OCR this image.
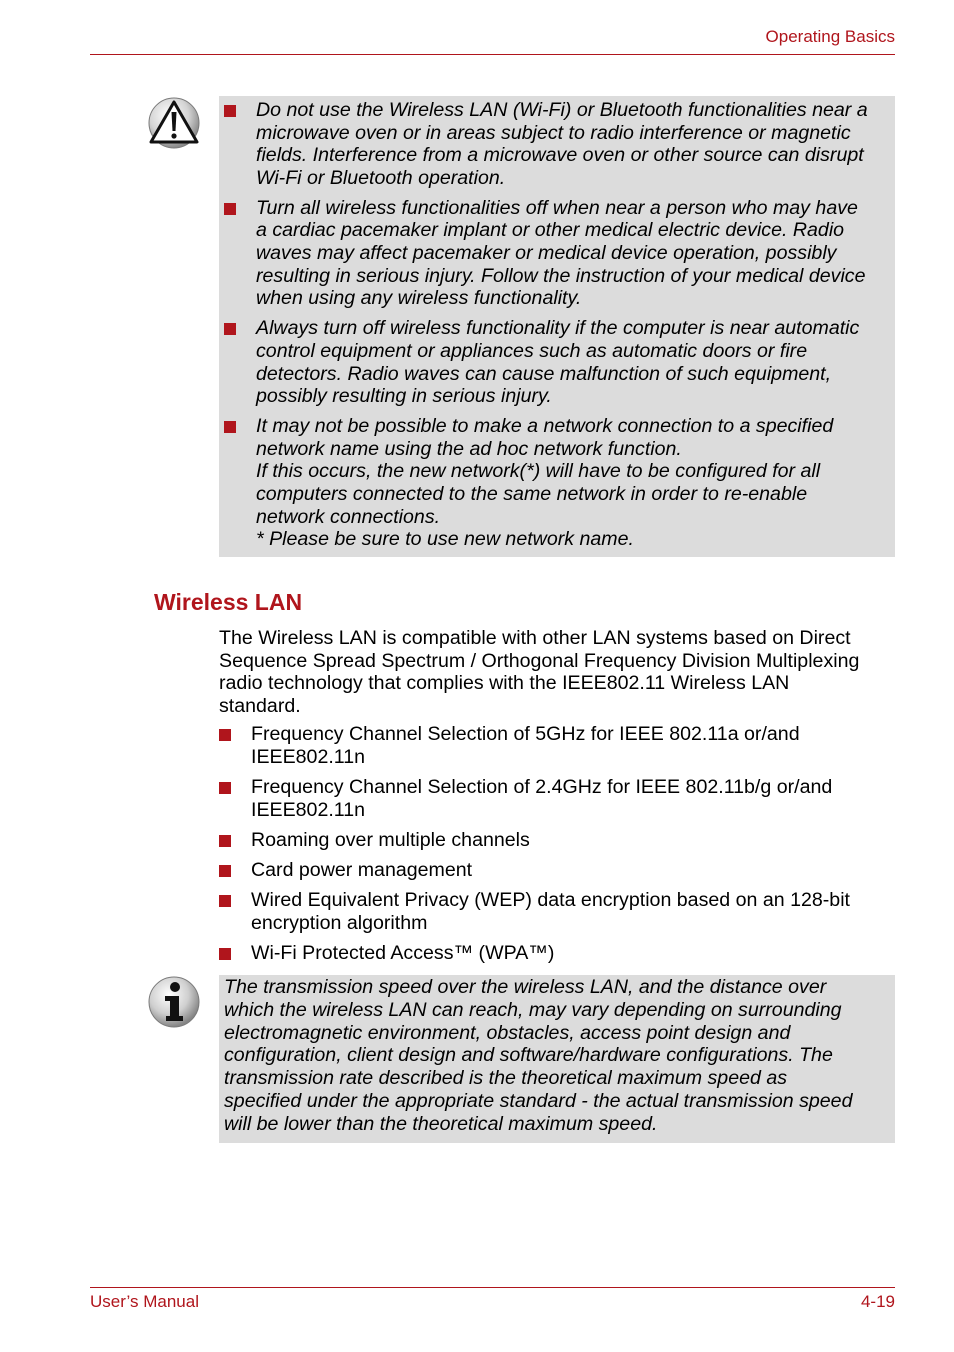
Operating Basics
Do not use the Wireless LAN (Wi-Fi) or Bluetooth functionalities near a
microwave oven or in areas subject to radio interference or magnetic
fields. Interference from a microwave oven or other source can disrupt
Wi-Fi or Bluetooth operation.
Turn all wireless functionalities off when near a person who may have
a cardiac pacemaker implant or other medical electric device. Radio
waves may affect pacemaker or medical device operation, possibly
resulting in serious injury. Follow the instruction of your medical device
when using any wireless functionality.
Always turn off wireless functionality if the computer is near automatic
control equipment or appliances such as automatic doors or fire
detectors. Radio waves can cause malfunction of such equipment,
possibly resulting in serious injury.
It may not be possible to make a network connection to a specified
network name using the ad hoc network function.
If this occurs, the new network(*) will have to be configured for all
computers connected to the same network in order to re-enable
network connections.
* Please be sure to use new network name.
Wireless LAN

The Wireless LAN is compatible with other LAN systems based on Direct
Sequence Spread Spectrum / Orthogonal Frequency Division Multiplexing
radio technology that complies with the IEEE802.11 Wireless LAN
standard.

Frequency Channel Selection of 5GHz for IEEE 802.11a or/and
IEEE802.11n
Frequency Channel Selection of 2.4GHz for IEEE 802.11b/g or/and
IEEE802.11n
Roaming over multiple channels
Card power management
Wired Equivalent Privacy (WEP) data encryption based on an 128-bit
encryption algorithm
Wi-Fi Protected Access™ (WPA™)

The transmission speed over the wireless LAN, and the distance over
which the wireless LAN can reach, may vary depending on surrounding
electromagnetic environment, obstacles, access point design and
configuration, client design and software/hardware configurations. The
transmission rate described is the theoretical maximum speed as
specified under the appropriate standard - the actual transmission speed
will be lower than the theoretical maximum speed.

User’s Manual	4-19
